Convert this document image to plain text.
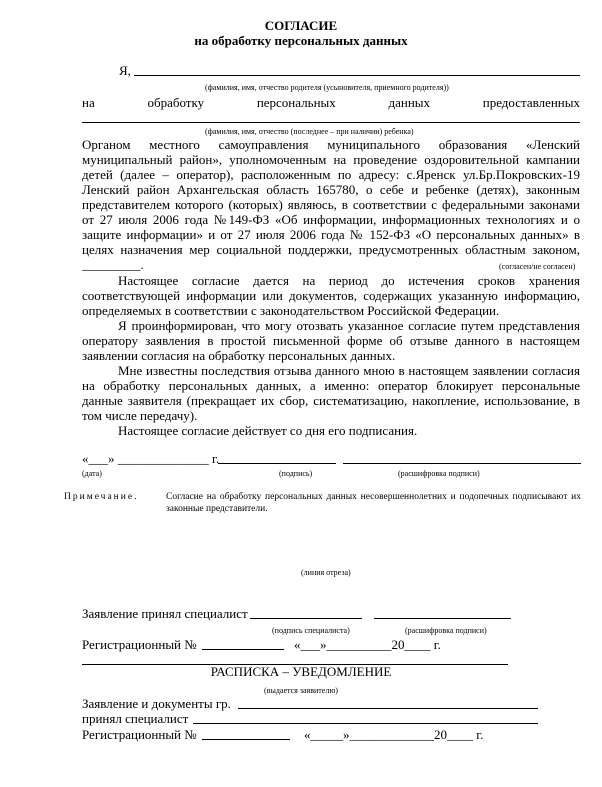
СОГЛАСИЕ
на обработку персональных данных
Я,
(фамилия, имя, отчество родителя (усыновителя, приемного родителя))
на	обработку	персональных	данных	предоставленных
(фамилия, имя, отчество (последнее – при наличии) ребенка)

Органом местного самоуправления муниципального образования «Ленский муниципальный район», уполномоченным на проведение оздоровительной кампании детей (далее – оператор), расположенным по адресу: с.Яренск ул.Бр.Покровских-19 Ленский район Архангельская область 165780, о себе и ребенке (детях), законным представителем которого (которых) являюсь, в соответствии с федеральными законами от 27 июля 2006 года №149-ФЗ «Об информации, информационных технологиях и о защите информации» и от 27 июля 2006 года № 152-ФЗ «О персональных данных» в целях назначения мер социальной поддержки, предусмотренных областным законом, _________.	(согласен/не согласен)

Настоящее согласие дается на период до истечения сроков хранения соответствующей информации или документов, содержащих указанную информацию, определяемых в соответствии с законодательством Российской Федерации.

Я проинформирован, что могу отозвать указанное согласие путем представления оператору заявления в простой письменной форме об отзыве данного в настоящем заявлении согласия на обработку персональных данных.

Мне известны последствия отзыва данного мною в настоящем заявлении согласия на обработку персональных данных, а именно: оператор блокирует персональные данные заявителя (прекращает их сбор, систематизацию, накопление, использование, в том числе передачу).

Настоящее согласие действует со дня его подписания.

«___» ______________ г.
(дата)	(подпись)	(расшифровка подписи)
Примечание.	Согласие на обработку персональных данных несовершеннолетних и подопечных подписывают их законные представители.
(линия отреза)
Заявление принял специалист
(подпись специалиста)	(расшифровка подписи)
Регистрационный №	«___»__________20____ г.
РАСПИСКА – УВЕДОМЛЕНИЕ
(выдается заявителю)
Заявление и документы гр.
принял специалист
Регистрационный №	«_____»_____________20____ г.
